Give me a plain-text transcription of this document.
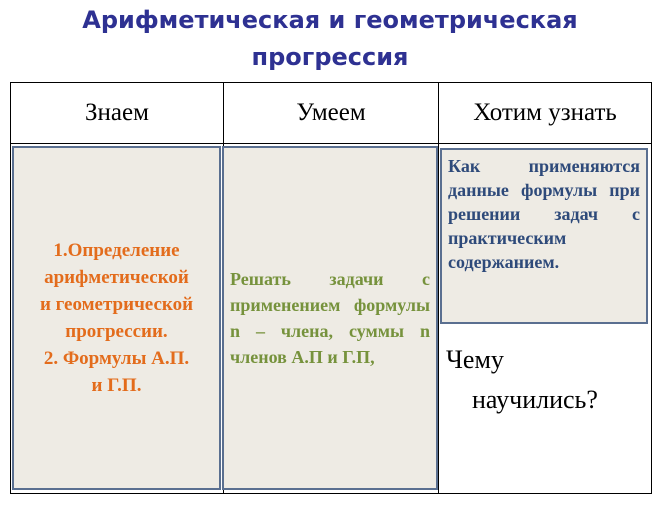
Арифметическая и геометрическая
прогрессия
Знаем	Умеем	Хотим узнать
1.Определение
арифметической
и геометрической
прогрессии.
2. Формулы А.П.
и Г.П.

Решать задачи с применением формулы n – члена, суммы n членов А.П и Г.П,

Как применяются данные формулы при решении задач с практическим содержанием.

Чему
научились?
